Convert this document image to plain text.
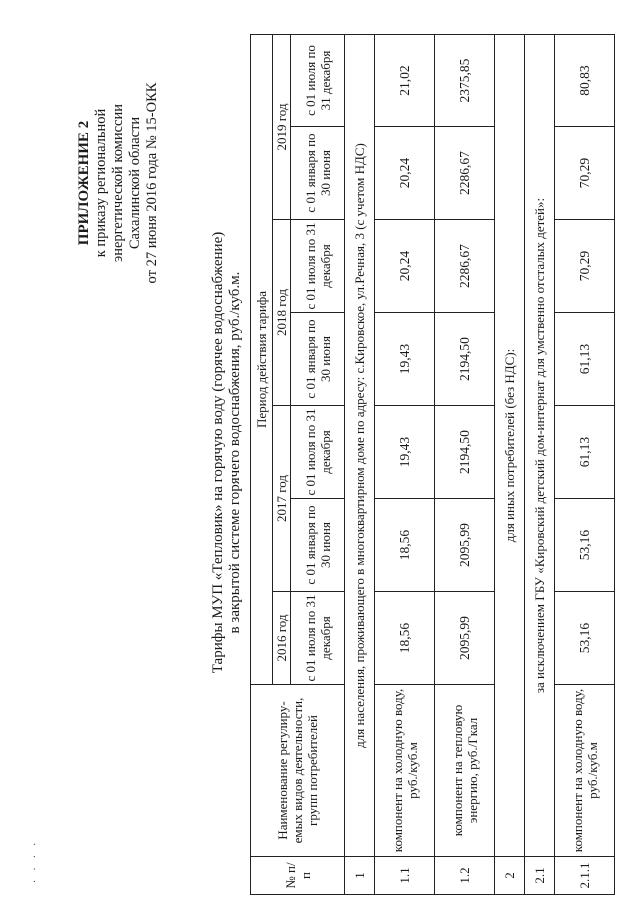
· · · ·
ПРИЛОЖЕНИЕ 2 к приказу региональной энергетической комиссии Сахалинской области от 27 июня 2016 года № 15-ОКК
Тарифы МУП «Тепловик» на горячую воду (горячее водоснабжение) в закрытой системе горячего водоснабжения, руб./куб.м.
№ п/п	Наименование регулиру-емых видов деятельности, групп потребителей	Период действия тарифа						
		2016 год	2017 год		2018 год		2019 год	
		с 01 июля по 31 декабря	с 01 января по 30 июня	с 01 июля по 31 декабря	с 01 января по 30 июня	с 01 июля по 31 декабря	с 01 января по 30 июня	с 01 июля по 31 декабря
1	для населения, проживающего в многоквартирном доме по адресу: с.Кировское, ул.Речная, 3 (с учетом НДС)							
1.1	компонент на холодную воду, руб./куб.м	18,56	18,56	19,43	19,43	20,24	20,24	21,02
1.2	компонент на тепловую энергию, руб./Гкал	2095,99	2095,99	2194,50	2194,50	2286,67	2286,67	2375,85
2	для иных потребителей (без НДС):							
2.1	за исключением ГБУ «Кировский детский дом-интернат для умственно отсталых детей»:							
2.1.1	компонент на холодную воду, руб./куб.м	53,16	53,16	61,13	61,13	70,29	70,29	80,83
